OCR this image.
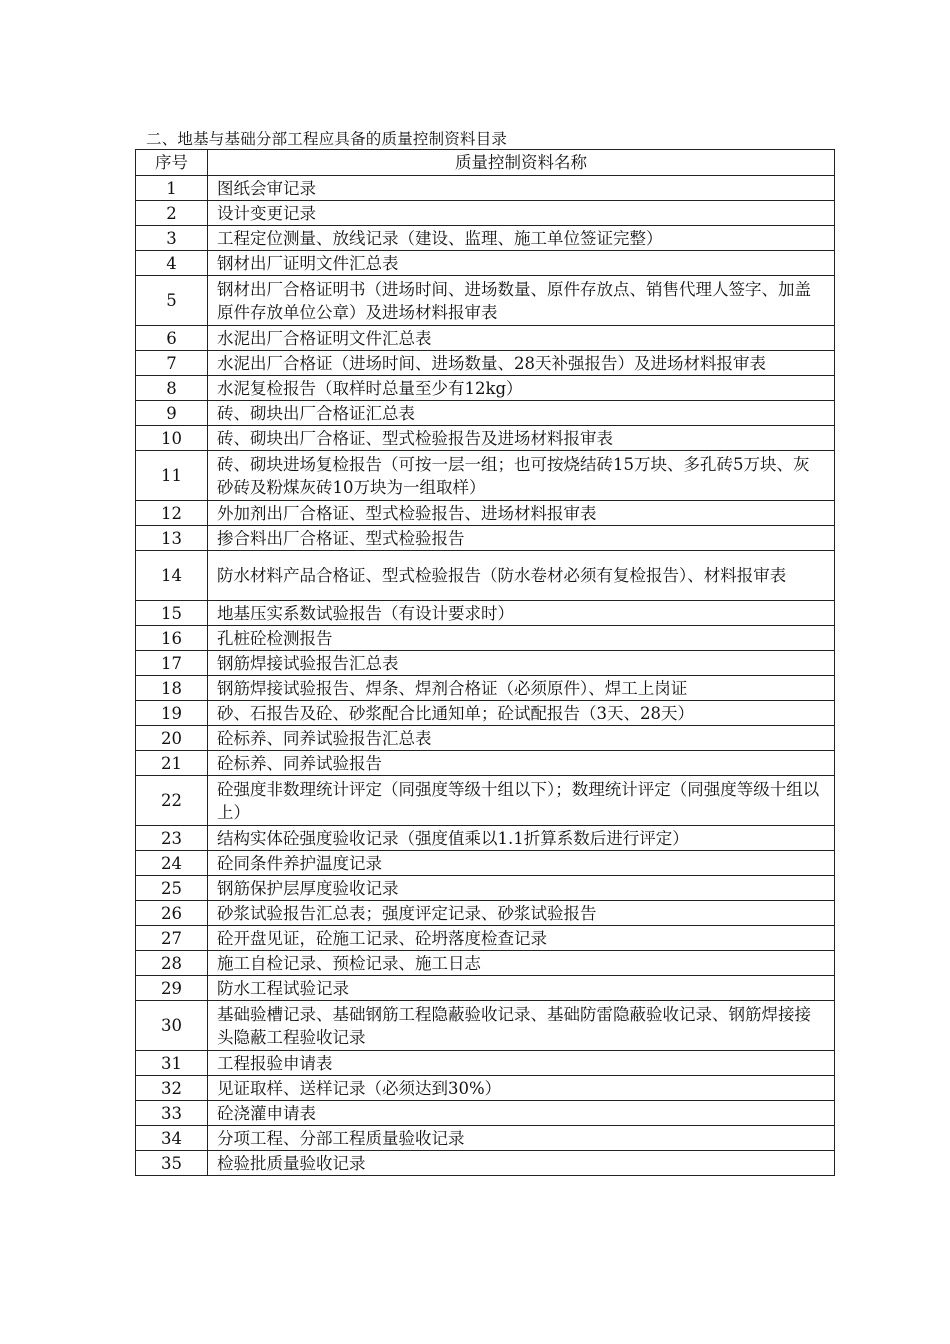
二、地基与基础分部工程应具备的质量控制资料目录
序号	质量控制资料名称
1	图纸会审记录
2	设计变更记录
3	工程定位测量、放线记录（建设、监理、施工单位签证完整）
4	钢材出厂证明文件汇总表
5	钢材出厂合格证明书（进场时间、进场数量、原件存放点、销售代理人签字、加盖原件存放单位公章）及进场材料报审表
6	水泥出厂合格证明文件汇总表
7	水泥出厂合格证（进场时间、进场数量、28天补强报告）及进场材料报审表
8	水泥复检报告（取样时总量至少有12kg）
9	砖、砌块出厂合格证汇总表
10	砖、砌块出厂合格证、型式检验报告及进场材料报审表
11	砖、砌块进场复检报告（可按一层一组；也可按烧结砖15万块、多孔砖5万块、灰砂砖及粉煤灰砖10万块为一组取样）
12	外加剂出厂合格证、型式检验报告、进场材料报审表
13	掺合料出厂合格证、型式检验报告
14	防水材料产品合格证、型式检验报告（防水卷材必须有复检报告）、材料报审表
15	地基压实系数试验报告（有设计要求时）
16	孔桩砼检测报告
17	钢筋焊接试验报告汇总表
18	钢筋焊接试验报告、焊条、焊剂合格证（必须原件）、焊工上岗证
19	砂、石报告及砼、砂浆配合比通知单；砼试配报告（3天、28天）
20	砼标养、同养试验报告汇总表
21	砼标养、同养试验报告
22	砼强度非数理统计评定（同强度等级十组以下）；数理统计评定（同强度等级十组以上）
23	结构实体砼强度验收记录（强度值乘以1.1折算系数后进行评定）
24	砼同条件养护温度记录
25	钢筋保护层厚度验收记录
26	砂浆试验报告汇总表；强度评定记录、砂浆试验报告
27	砼开盘见证，砼施工记录、砼坍落度检查记录
28	施工自检记录、预检记录、施工日志
29	防水工程试验记录
30	基础验槽记录、基础钢筋工程隐蔽验收记录、基础防雷隐蔽验收记录、钢筋焊接接头隐蔽工程验收记录
31	工程报验申请表
32	见证取样、送样记录（必须达到30%）
33	砼浇灌申请表
34	分项工程、分部工程质量验收记录
35	检验批质量验收记录
